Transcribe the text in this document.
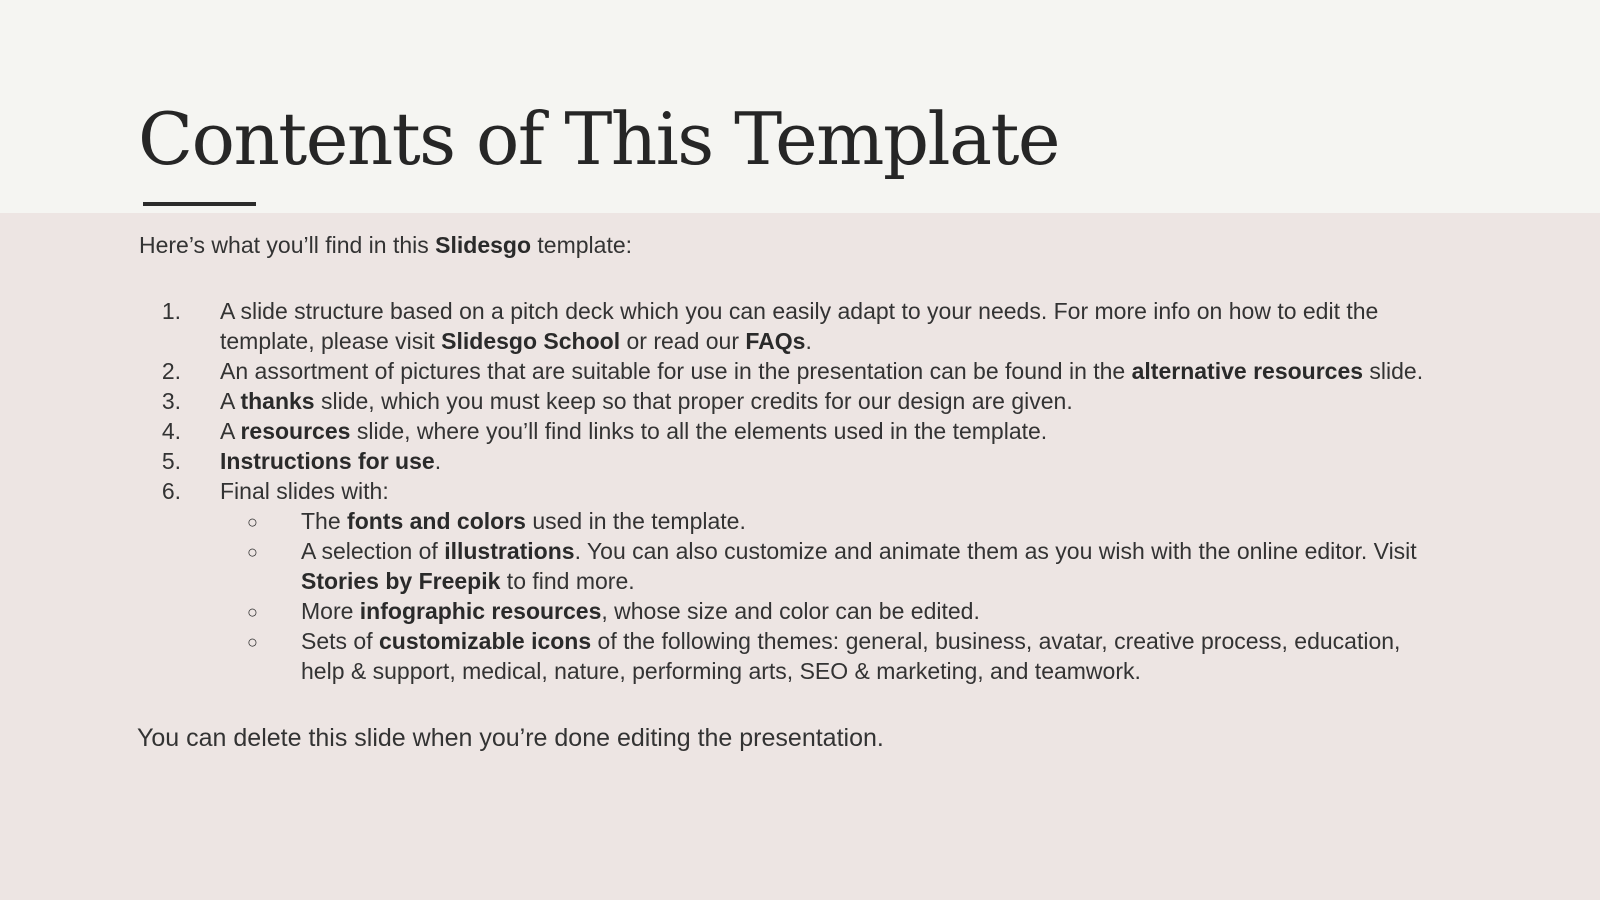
Contents of This Template

Here’s what you’ll find in this Slidesgo template:

1. A slide structure based on a pitch deck which you can easily adapt to your needs. For more info on how to edit the template, please visit Slidesgo School or read our FAQs.
2. An assortment of pictures that are suitable for use in the presentation can be found in the alternative resources slide.
3. A thanks slide, which you must keep so that proper credits for our design are given.
4. A resources slide, where you’ll find links to all the elements used in the template.
5. Instructions for use.
6. Final slides with:
○ The fonts and colors used in the template.
○ A selection of illustrations. You can also customize and animate them as you wish with the online editor. Visit Stories by Freepik to find more.
○ More infographic resources, whose size and color can be edited.
○ Sets of customizable icons of the following themes: general, business, avatar, creative process, education, help & support, medical, nature, performing arts, SEO & marketing, and teamwork.

You can delete this slide when you’re done editing the presentation.
